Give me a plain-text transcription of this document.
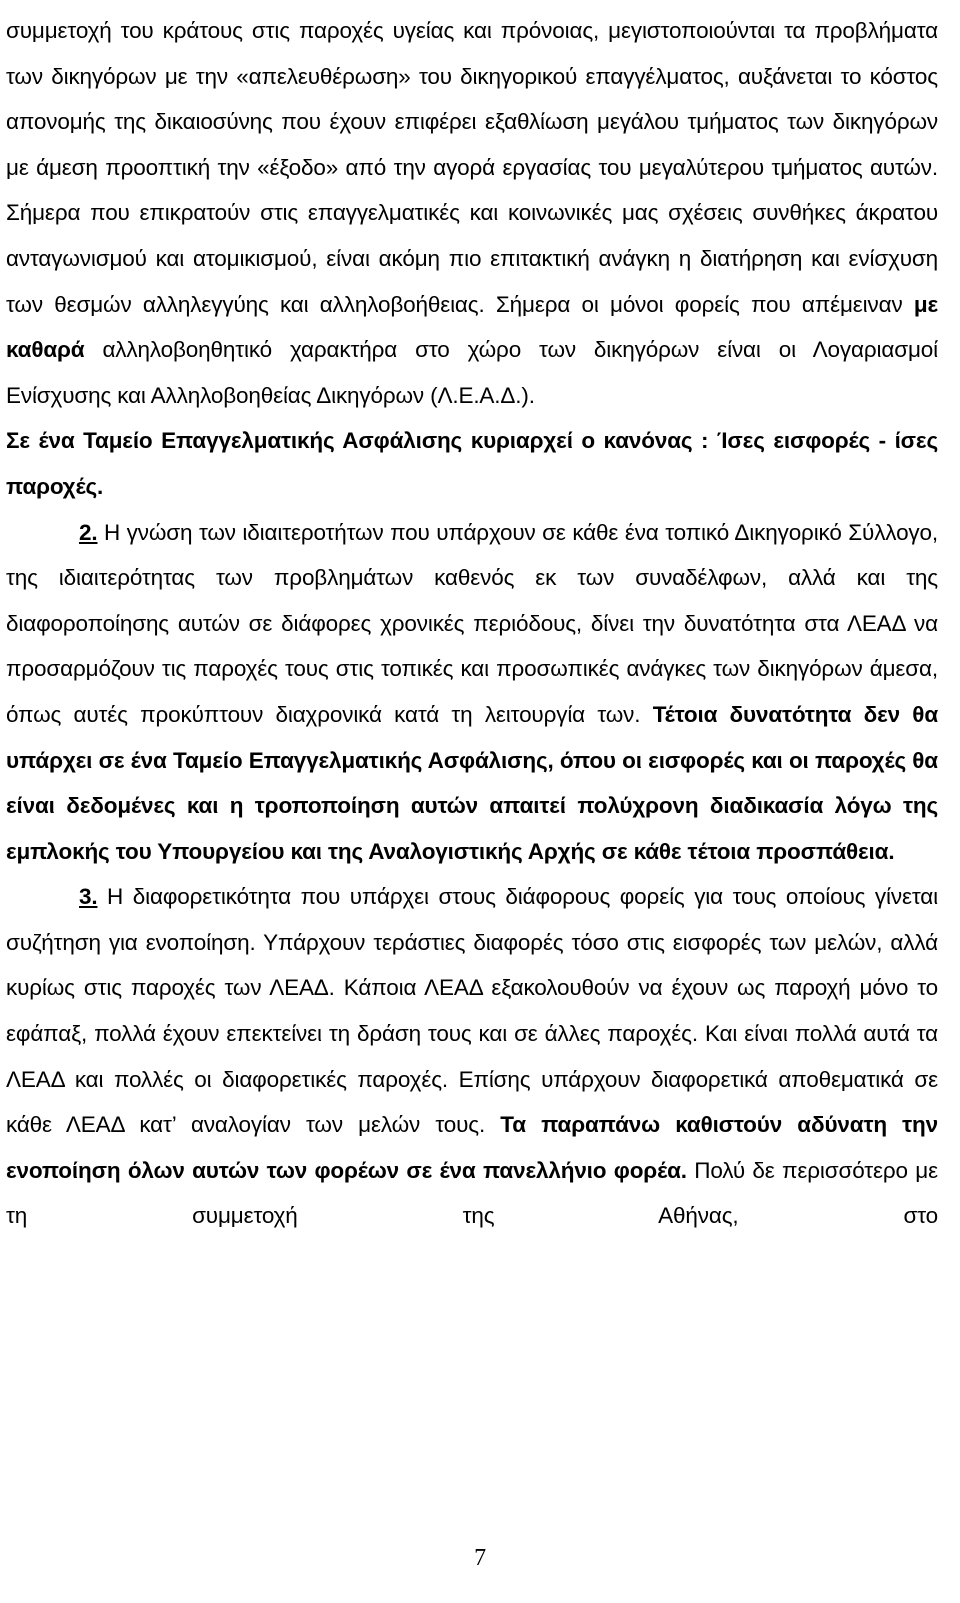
συμμετοχή του κράτους στις παροχές υγείας και πρόνοιας, μεγιστοποιούνται τα προβλήματα των δικηγόρων με την «απελευθέρωση» του δικηγορικού επαγγέλματος, αυξάνεται το κόστος απονομής της δικαιοσύνης που έχουν επιφέρει εξαθλίωση μεγάλου τμήματος των δικηγόρων με άμεση προοπτική την «έξοδο» από την αγορά εργασίας του μεγαλύτερου τμήματος αυτών. Σήμερα που επικρατούν στις επαγγελματικές και κοινωνικές μας σχέσεις συνθήκες άκρατου ανταγωνισμού και ατομικισμού, είναι ακόμη πιο επιτακτική ανάγκη η διατήρηση και ενίσχυση των θεσμών αλληλεγγύης και αλληλοβοήθειας. Σήμερα οι μόνοι φορείς που απέμειναν με καθαρά αλληλοβοηθητικό χαρακτήρα στο χώρο των δικηγόρων είναι οι Λογαριασμοί Ενίσχυσης και Αλληλοβοηθείας Δικηγόρων (Λ.Ε.Α.Δ.).

Σε ένα Ταμείο Επαγγελματικής Ασφάλισης κυριαρχεί ο κανόνας : Ίσες εισφορές - ίσες παροχές.

2. Η γνώση των ιδιαιτεροτήτων που υπάρχουν σε κάθε ένα τοπικό Δικηγορικό Σύλλογο, της ιδιαιτερότητας των προβλημάτων καθενός εκ των συναδέλφων, αλλά και της διαφοροποίησης αυτών σε διάφορες χρονικές περιόδους, δίνει την δυνατότητα στα ΛΕΑΔ να προσαρμόζουν τις παροχές τους στις τοπικές και προσωπικές ανάγκες των δικηγόρων άμεσα, όπως αυτές προκύπτουν διαχρονικά κατά τη λειτουργία των. Τέτοια δυνατότητα δεν θα υπάρχει σε ένα Ταμείο Επαγγελματικής Ασφάλισης, όπου οι εισφορές και οι παροχές θα είναι δεδομένες και η τροποποίηση αυτών απαιτεί πολύχρονη διαδικασία λόγω της εμπλοκής του Υπουργείου και της Αναλογιστικής Αρχής σε κάθε τέτοια προσπάθεια.

3. Η διαφορετικότητα που υπάρχει στους διάφορους φορείς για τους οποίους γίνεται συζήτηση για ενοποίηση. Υπάρχουν τεράστιες διαφορές τόσο στις εισφορές των μελών, αλλά κυρίως στις παροχές των ΛΕΑΔ. Κάποια ΛΕΑΔ εξακολουθούν να έχουν ως παροχή μόνο το εφάπαξ, πολλά έχουν επεκτείνει τη δράση τους και σε άλλες παροχές. Και είναι πολλά αυτά τα ΛΕΑΔ και πολλές οι διαφορετικές παροχές. Επίσης υπάρχουν διαφορετικά αποθεματικά σε κάθε ΛΕΑΔ κατ’ αναλογίαν των μελών τους. Τα παραπάνω καθιστούν αδύνατη την ενοποίηση όλων αυτών των φορέων σε ένα πανελλήνιο φορέα. Πολύ δε περισσότερο με τη συμμετοχή της Αθήνας, στο

7
